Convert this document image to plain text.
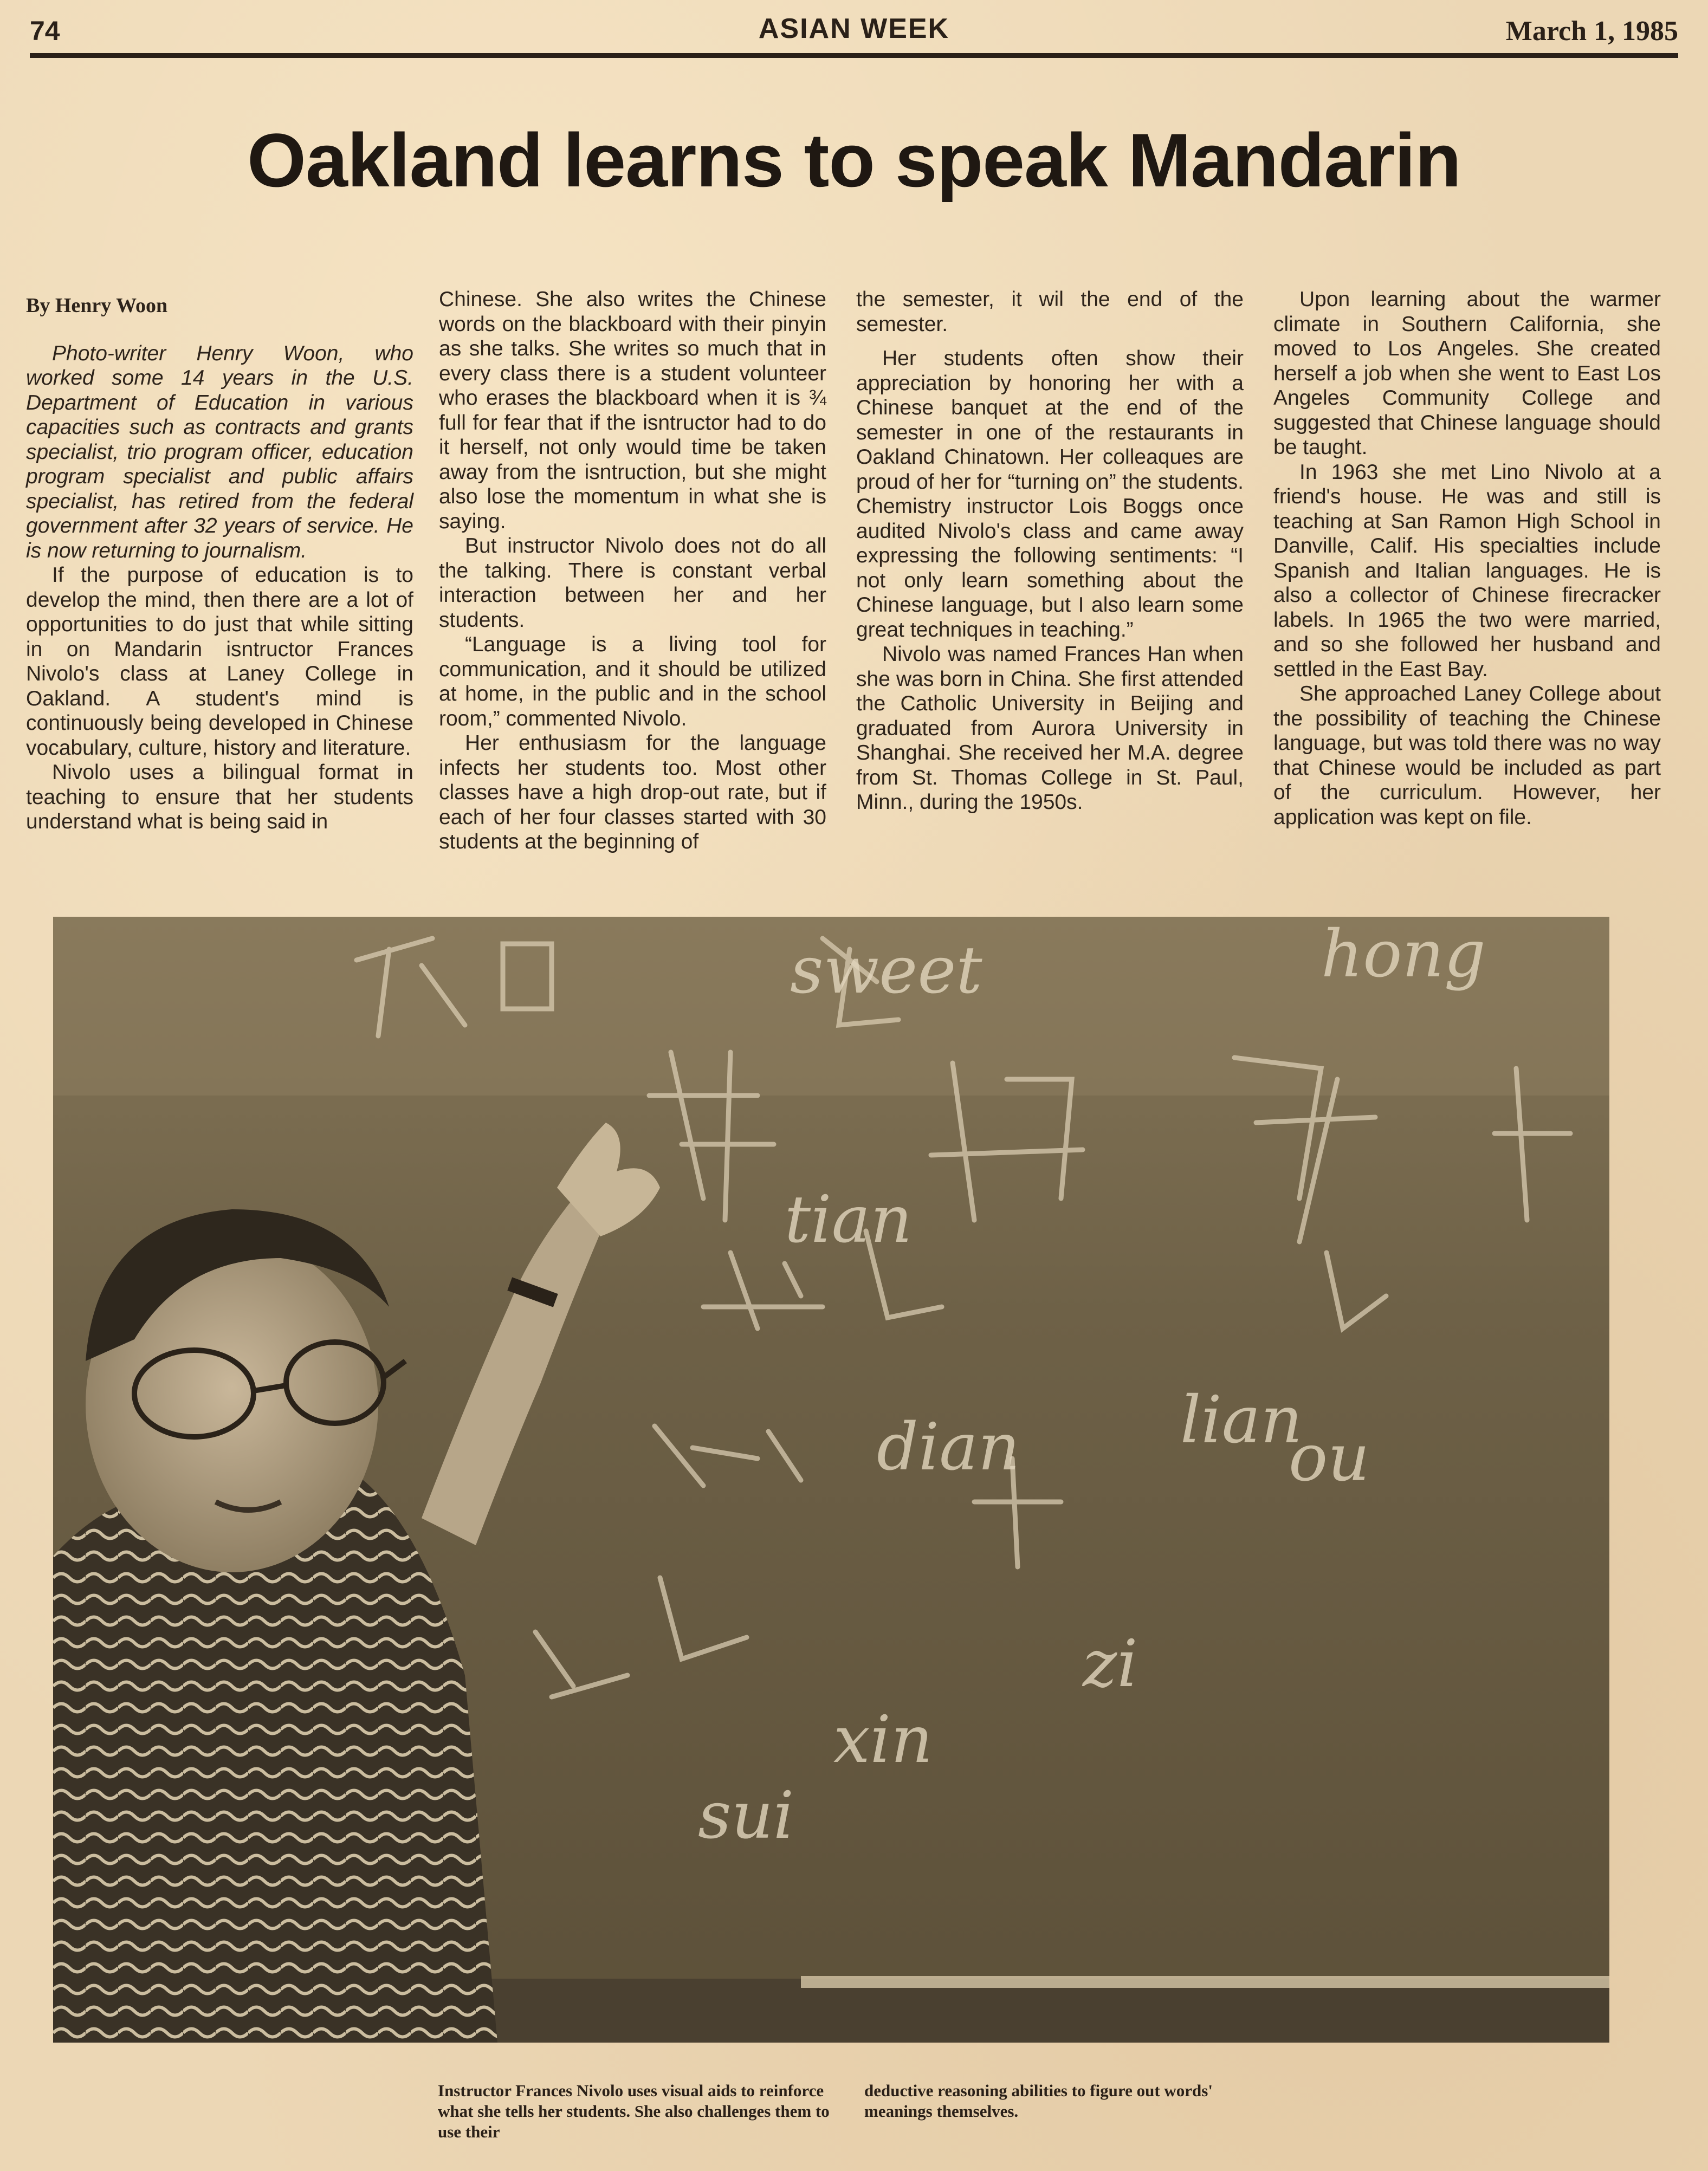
74	ASIAN WEEK	March 1, 1985
Oakland learns to speak Mandarin
By Henry Woon

Photo-writer Henry Woon, who worked some 14 years in the U.S. Department of Education in various capacities such as contracts and grants specialist, trio program officer, education program specialist and public affairs specialist, has retired from the federal government after 32 years of service. He is now returning to journalism.

If the purpose of education is to develop the mind, then there are a lot of opportunities to do just that while sitting in on Mandarin isntructor Frances Nivolo's class at Laney College in Oakland. A student's mind is continuously being developed in Chinese vocabulary, culture, history and literature.

Nivolo uses a bilingual format in teaching to ensure that her students understand what is being said in

Chinese. She also writes the Chinese words on the blackboard with their pinyin as she talks. She writes so much that in every class there is a student volunteer who erases the blackboard when it is ¾ full for fear that if the isntructor had to do it herself, not only would time be taken away from the isntruction, but she might also lose the momentum in what she is saying.

But instructor Nivolo does not do all the talking. There is constant verbal interaction between her and her students.

“Language is a living tool for communication, and it should be utilized at home, in the public and in the school room,” commented Nivolo.

Her enthusiasm for the language infects her students too. Most other classes have a high drop-out rate, but if each of her four classes started with 30 students at the beginning of

the semester, it wil the end of the semester.

Her students often show their appreciation by honoring her with a Chinese banquet at the end of the semester in one of the restaurants in Oakland Chinatown. Her colleaques are proud of her for “turning on” the students. Chemistry instructor Lois Boggs once audited Nivolo's class and came away expressing the following sentiments: “I not only learn something about the Chinese language, but I also learn some great techniques in teaching.”

Nivolo was named Frances Han when she was born in China. She first attended the Catholic University in Beijing and graduated from Aurora University in Shanghai. She received her M.A. degree from St. Thomas College in St. Paul, Minn., during the 1950s.

Upon learning about the warmer climate in Southern California, she moved to Los Angeles. She created herself a job when she went to East Los Angeles Community College and suggested that Chinese language should be taught.

In 1963 she met Lino Nivolo at a friend's house. He was and still is teaching at San Ramon High School in Danville, Calif. His specialties include Spanish and Italian languages. He is also a collector of Chinese firecracker labels. In 1965 the two were married, and so she followed her husband and settled in the East Bay.

She approached Laney College about the possibility of teaching the Chinese language, but was told there was no way that Chinese would be included as part of the curriculum. However, her application was kept on file.

sweet	hong
tian
dian
xin
sui
zi
lian
ou
Instructor Frances Nivolo uses visual aids to reinforce what she tells her students. She also challenges them to use their
deductive reasoning abilities to figure out words' meanings themselves.
